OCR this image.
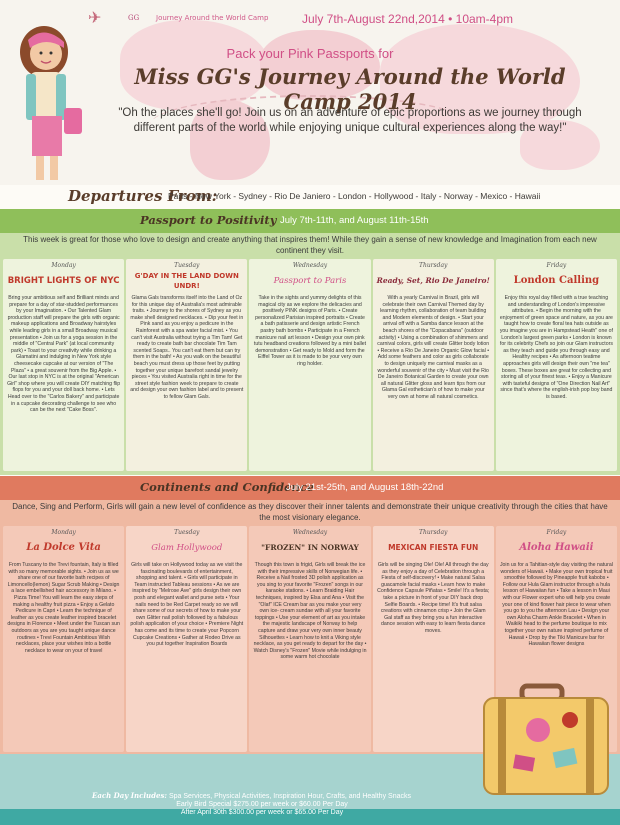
✈	GG Journey Around the World Camp	July 7th-August 22nd,2014 • 10am-4pm
Pack your Pink Passports for
Miss GG's Journey Around the World Camp 2014
"Oh the places she'll go! Join us on an adventure of epic proportions as we journey through different parts of the world while enjoying unique cultural experiences along the way!"
Departures From:
Paris - New York - Sydney - Rio De Janiero - London - Hollywood - Italy - Norway - Mexico - Hawaii
Passport to Positivity July 7th-11th, and August 11th-15th
This week is great for those who love to design and create anything that inspires them! While they gain a sense of new knowledge and Imagination from each new continent they visit.
Monday
BRIGHT LIGHTS OF NYC
Bring your ambitious self and Brilliant minds and prepare for a day of star-studded performances by your Imagination. • Our Talented Glam production staff will prepare the girls with organic makeup applications and Broadway hairstyles while leading girls in a small Broadway musical presentation • Join us for a yoga session in the middle of "Central Park" (at local community park) • Toast to your creativity while drinking a Glamatini and indulging in New York style cheesecake cupcake at our version of "The Plaza" • a great souvenir from the Big Apple. • Our last stop in NYC is at the original "American Girl" shop where you will create DIY matching flip flops for you and your doll back home. • Lets Head over to the "Carlos Bakery" and participate in a cupcake decorating challenge to see who can be the next "Cake Boss".
Tuesday
G'DAY IN THE LAND DOWN UNDR!
Glama Gals transforms itself into the Land of Oz for this unique day of Australia's most admirable traits. • Journey to the shores of Sydney as you make shell designed necklaces. • Dip your feet in Pink sand as you enjoy a pedicure in the Rainforest with a spa water facial mist. • You can't visit Australia without trying a Tim Tam! Get ready to create bath bar chocolate Tim Tam scented Soaps.. You can't eat them but can try them in the bath! • As you walk on the beautiful beach you must dress up those feet by putting together your unique barefoot sandal jewelry pieces • You visited Australia right in time for the street style fashion week to prepare to create and design your own fashion label and to present to fellow Glam Gals.
Wednesday
Passport to Paris
Take in the sights and yummy delights of this magical city as we explore the delicacies and positively PINK designs of Paris. • Create personalized Parisian inspired portraits • Create a bath patisserie and design artistic French pastry bath bombs • Participate in a French manicure nail art lesson • Design your own pink tutu headband creations followed by a mini ballet demonstration • Get ready to Mold and form the Eiffel Tower as it is made to be your very own ring holder.
Thursday
Ready, Set, Rio De Janeiro!
With a yearly Carnival in Brazil, girls will celebrate their own Carnival Themed day by learning rhythm, collaboration of team building and Modern elements of design. • Start your arrival off with a Samba dance lesson at the beach shores of the "Copacabana" (outdoor activity) • Using a combination of shimmers and carnival colors, girls will create Glitter body lotion • Receive a Rio De Janeiro Organic Glow facial • Add some feathers and color as girls collaborate to design uniquely me carnival masks as a wonderful souvenir of the city • Must visit the Rio De Janeiro Botanical Garden to create your own all natural Glitter gloss and learn tips from our Glama Gal esthetician's of how to make your very own at home all natural cosmetics.
Friday
London Calling
Enjoy this royal day filled with a true teaching and understanding of London's impressive attributes. • Begin the morning with the enjoyment of green space and nature, as you are taught how to create floral tea hats outside as you imagine you are in Hampstead Heath" one of London's largest green parks • London is known for its celebrity Chefs so join our Glam instructors as they teach and guide you through easy and Healthy recipes • As afternoon teatime approaches girls will design their own "me tea" boxes. These boxes are great for collecting and storing all of your finest teas. • Enjoy a Manicure with tasteful designs of "One Direction Nail Art" since that's where the english-irish pop boy band is based.
Continents and Confidence
July 21st-25th, and August 18th-22nd
Dance, Sing and Perform, Girls will gain a new level of confidence as they discover their inner talents and demonstrate their unique creativity through the cities that have the most visionary elegance.
Monday
La Dolce Vita
From Tuscany to the Trevi fountain, Italy is filled with so many memorable sights. • Join us as we share one of our favorite bath recipes of Limoncello(lemon) Sugar Scrub Making • Design a lace embellished hair accessory in Milano. • Pizza Time! You will learn the easy steps of making a healthy fruit pizza • Enjoy a Gelato Pedicure in Capri • Learn the technique of leather as you create leather inspired bracelet designs in Florence • Meet under the Tuscan sun outdoors as you are you taught unique dance routines • Trevi Fountain Ambitious Wish necklaces, place your wishes into a bottle necklace to wear on your of travel
Tuesday
Glam Hollywood
Girls will take on Hollywood today as we visit the fascinating boulevards of entertainment, shopping and talent. • Girls will participate in Team instructed Tableau sessions • As we are inspired by "Melrose Ave" girls design their own posh and elegant wallet and purse sets • Your nails need to be Red Carpet ready so we will share some of our secrets of how to make your own Glitter nail polish followed by a fabulous polish application of your choice • Premiere Night has come and its time to create your Popcorn Cupcake Creations • Gather at Rodeo Drive as you put together Inspiration Boards
Wednesday
"FROZEN" IN NORWAY
Though this town is frigid, Girls will break the ice with their impressive skills of Norwegian life. • Receive a Nail frosted 3D polish application as you sing to your favorite "Frozen" songs in our karaoke stations. • Learn Braiding Hair techniques, inspired by Elsa and Ana • Visit the "Olaf" ICE Cream bar as you make your very own ice- cream sundae with all your favorite toppings • Use your element of art as you intake the majestic landscape of Norway to help capture and draw your very own inner beauty Silhouettes • Learn how to knit a Viking style necklace, as you get ready to depart for the day • Watch Disney's "Frozen" Movie while indulging in some warm hot chocolate
Thursday
MEXICAN FIESTA FUN
Girls will be singing Ole! Ole! All through the day as they enjoy a day of Celebration through a Fiesta of self-discovery! • Make natural Salsa guacamole facial masks • Learn how to make Confidence Capsule Piñatas • Smile! It's a fiesta; take a picture in front of your DIY back drop Selfie Boards. • Recipe time! It's fruit salsa creations with cinnamon crisp • Join the Glam Gal staff as they bring you a fun interactive dance session with easy to learn fiesta dance moves.
Friday
Aloha Hawaii
Join us for a Tahitian-style day visiting the natural wonders of Hawaii. • Make your own tropical fruit smoothie followed by Pineapple fruit kabobs • Follow our Hula Glam instructor through a hula lesson of Hawaiian fun • Take a lesson in Maui with our Flower expert who will help you create your one of kind flower hair piece to wear when you go to you the afternoon Lau • Design your own Aloha Charm Ankle Bracelet • When in Waikiki head to the perfume boutique to mix together your own nature inspired perfume of Hawaii • Drop by the Tiki Manicure bar for Hawaiian flower designs
Each Day Includes: Spa Services, Physical Activities, Inspiration Hour, Crafts, and Healthy Snacks
Early Bird Special $275.00 per week or $60.00 Per Day
After April 30th $300.00 per week or $65.00 Per Day
